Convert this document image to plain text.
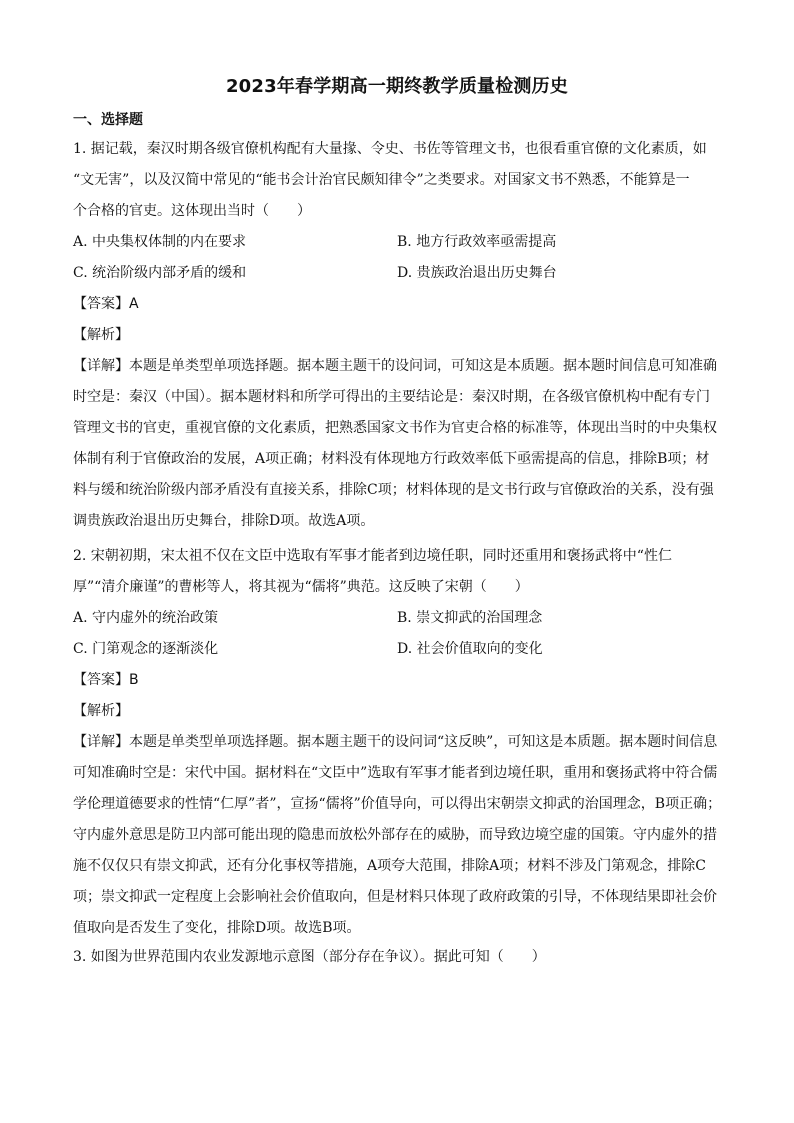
2023年春学期高一期终教学质量检测历史
一、选择题
1. 据记载，秦汉时期各级官僚机构配有大量掾、令史、书佐等管理文书，也很看重官僚的文化素质，如
“文无害”，以及汉简中常见的“能书会计治官民颇知律令”之类要求。对国家文书不熟悉，不能算是一
个合格的官吏。这体现出当时（　　）
A. 中央集权体制的内在要求	B. 地方行政效率亟需提高
C. 统治阶级内部矛盾的缓和	D. 贵族政治退出历史舞台
【答案】A
【解析】
【详解】本题是单类型单项选择题。据本题主题干的设问词，可知这是本质题。据本题时间信息可知准确
时空是：秦汉（中国）。据本题材料和所学可得出的主要结论是：秦汉时期，在各级官僚机构中配有专门
管理文书的官吏，重视官僚的文化素质，把熟悉国家文书作为官吏合格的标准等，体现出当时的中央集权
体制有利于官僚政治的发展，A项正确；材料没有体现地方行政效率低下亟需提高的信息，排除B项；材
料与缓和统治阶级内部矛盾没有直接关系，排除C项；材料体现的是文书行政与官僚政治的关系，没有强
调贵族政治退出历史舞台，排除D项。故选A项。
2. 宋朝初期，宋太祖不仅在文臣中选取有军事才能者到边境任职，同时还重用和褒扬武将中“性仁
厚”“清介廉谨”的曹彬等人，将其视为“儒将”典范。这反映了宋朝（　　）
A. 守内虚外的统治政策	B. 崇文抑武的治国理念
C. 门第观念的逐渐淡化	D. 社会价值取向的变化
【答案】B
【解析】
【详解】本题是单类型单项选择题。据本题主题干的设问词“这反映”，可知这是本质题。据本题时间信息
可知准确时空是：宋代中国。据材料在“文臣中”选取有军事才能者到边境任职，重用和褒扬武将中符合儒
学伦理道德要求的性情“仁厚”者”，宣扬“儒将”价值导向，可以得出宋朝崇文抑武的治国理念，B项正确；
守内虚外意思是防卫内部可能出现的隐患而放松外部存在的威胁，而导致边境空虚的国策。守内虚外的措
施不仅仅只有崇文抑武，还有分化事权等措施，A项夸大范围，排除A项；材料不涉及门第观念，排除C
项；崇文抑武一定程度上会影响社会价值取向，但是材料只体现了政府政策的引导，不体现结果即社会价
值取向是否发生了变化，排除D项。故选B项。
3. 如图为世界范围内农业发源地示意图（部分存在争议）。据此可知（　　）
